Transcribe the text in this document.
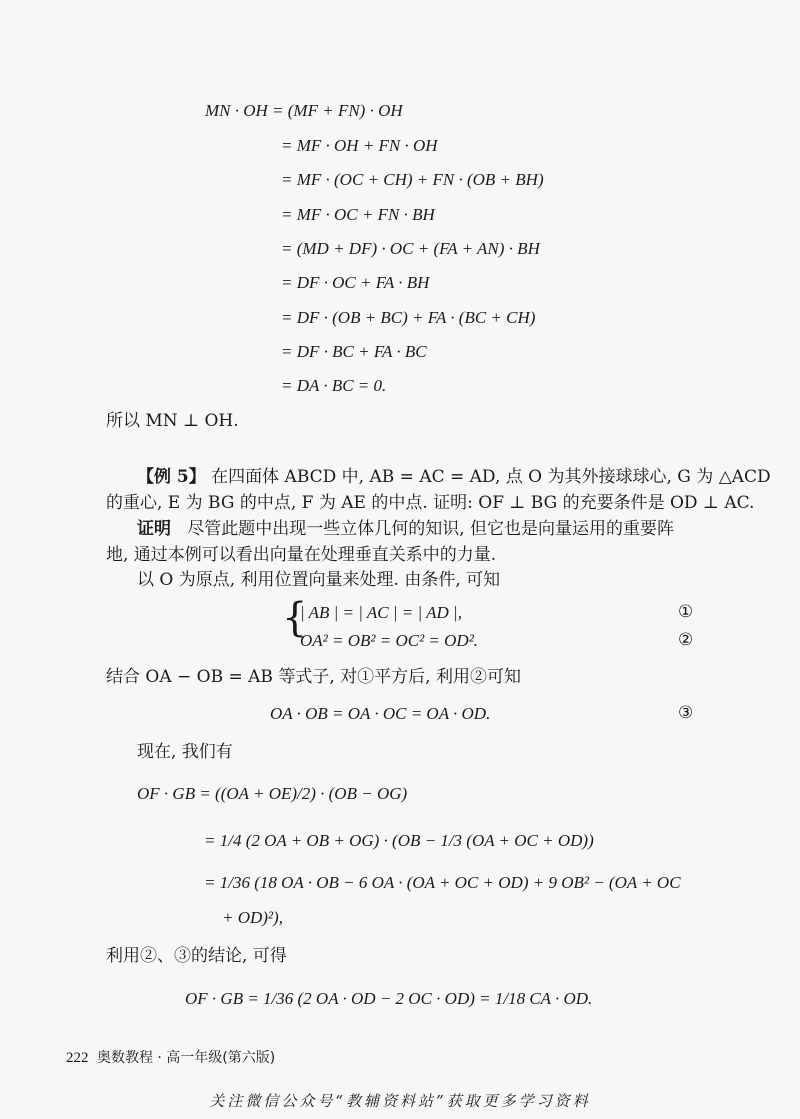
MN · OH = (MF + FN) · OH
= MF · OH + FN · OH
= MF · (OC + CH) + FN · (OB + BH)
= MF · OC + FN · BH
= (MD + DF) · OC + (FA + AN) · BH
= DF · OC + FA · BH
= DF · (OB + BC) + FA · (BC + CH)
= DF · BC + FA · BC
= DA · BC = 0.
所以 MN ⊥ OH.
【例 5】 在四面体 ABCD 中, AB = AC = AD, 点 O 为其外接球球心, G 为 △ACD
的重心, E 为 BG 的中点, F 为 AE 的中点. 证明: OF ⊥ BG 的充要条件是 OD ⊥ AC.
证明 尽管此题中出现一些立体几何的知识, 但它也是向量运用的重要阵
地, 通过本例可以看出向量在处理垂直关系中的力量.
以 O 为原点, 利用位置向量来处理. 由条件, 可知
{
| AB | = | AC | = | AD |,	①
OA² = OB² = OC² = OD².	②
结合 OA − OB = AB 等式子, 对①平方后, 利用②可知
OA · OB = OA · OC = OA · OD.	③
现在, 我们有
OF · GB = ((OA + OE)/2) · (OB − OG)
= 1/4 (2 OA + OB + OG) · (OB − 1/3 (OA + OC + OD))
= 1/36 (18 OA · OB − 6 OA · (OA + OC + OD) + 9 OB² − (OA + OC
+ OD)²),
利用②、③的结论, 可得
OF · GB = 1/36 (2 OA · OD − 2 OC · OD) = 1/18 CA · OD.
222 奥数教程 · 高一年级(第六版)
关注微信公众号“教辅资料站”获取更多学习资料
